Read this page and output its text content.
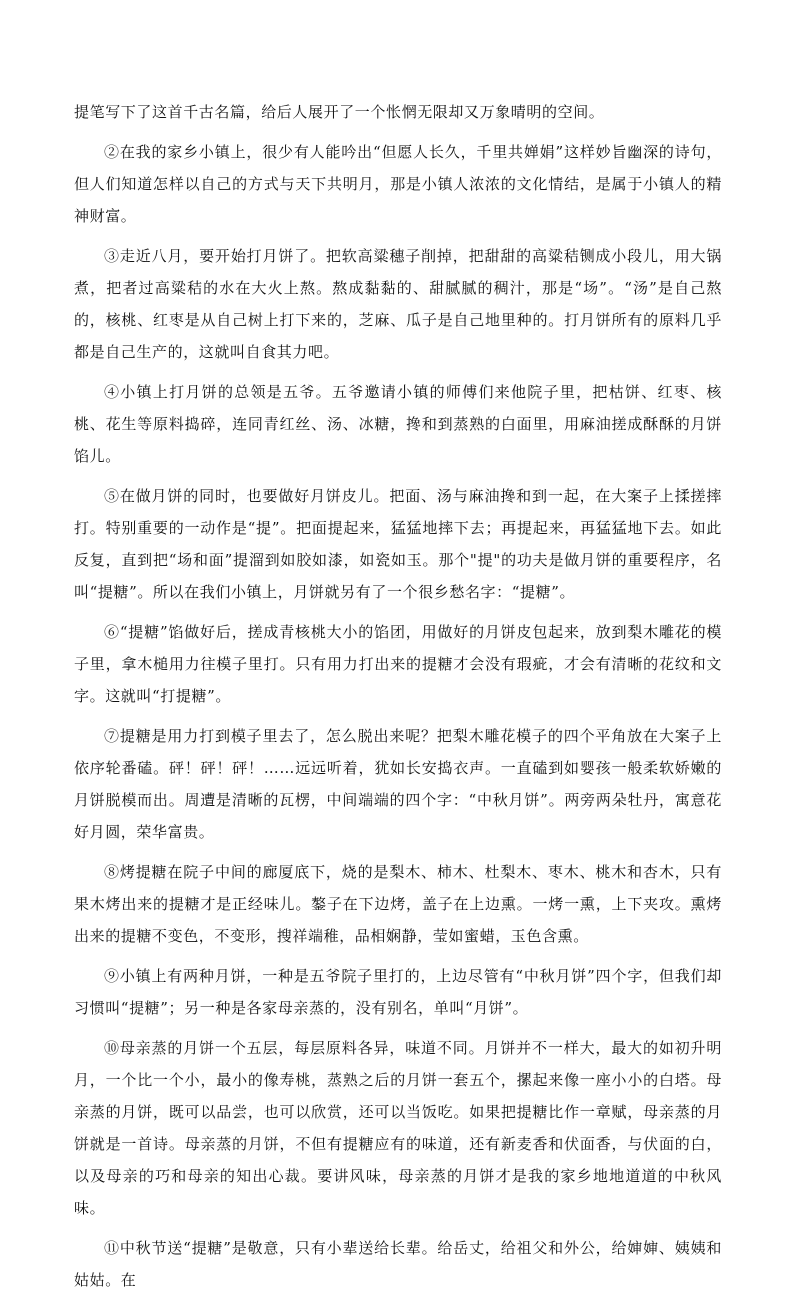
提笔写下了这首千古名篇，给后人展开了一个怅惘无限却又万象晴明的空间。

②在我的家乡小镇上，很少有人能吟出“但愿人长久，千里共婵娟”这样妙旨幽深的诗句，但人们知道怎样以自己的方式与天下共明月，那是小镇人浓浓的文化情结，是属于小镇人的精神财富。

③走近八月，要开始打月饼了。把软高粱穗子削掉，把甜甜的高粱秸铡成小段儿，用大锅煮，把者过高粱秸的水在大火上熬。熬成黏黏的、甜腻腻的稠汁，那是“场”。“汤”是自己熬的，核桃、红枣是从自己树上打下来的，芝麻、瓜子是自己地里种的。打月饼所有的原料几乎都是自己生产的，这就叫自食其力吧。

④小镇上打月饼的总领是五爷。五爷邀请小镇的师傅们来他院子里，把枯饼、红枣、核桃、花生等原料捣碎，连同青红丝、汤、冰糖，搀和到蒸熟的白面里，用麻油搓成酥酥的月饼馅儿。

⑤在做月饼的同时，也要做好月饼皮儿。把面、汤与麻油搀和到一起，在大案子上揉搓摔打。特别重要的一动作是“提”。把面提起来，猛猛地摔下去；再提起来，再猛猛地下去。如此反复，直到把“场和面”提溜到如胶如漆，如瓷如玉。那个"提"的功夫是做月饼的重要程序，名叫“提糖”。所以在我们小镇上，月饼就另有了一个很乡愁名字：“提糖”。

⑥“提糖”馅做好后，搓成青核桃大小的馅团，用做好的月饼皮包起来，放到梨木雕花的模子里，拿木槌用力往模子里打。只有用力打出来的提糖才会没有瑕疵，才会有清晰的花纹和文字。这就叫“打提糖”。

⑦提糖是用力打到模子里去了，怎么脱出来呢？把梨木雕花模子的四个平角放在大案子上依序轮番磕。砰！砰！砰！……远远听着，犹如长安捣衣声。一直磕到如婴孩一般柔软娇嫩的月饼脱模而出。周遭是清晰的瓦楞，中间端端的四个字：“中秋月饼”。两旁两朵牡丹，寓意花好月圆，荣华富贵。

⑧烤提糖在院子中间的廊厦底下，烧的是梨木、柿木、杜梨木、枣木、桃木和杏木，只有果木烤出来的提糖才是正经味儿。鏊子在下边烤，盖子在上边熏。一烤一熏，上下夹攻。熏烤出来的提糖不变色，不变形，搜祥端稚，品相娴静，莹如蜜蜡，玉色含熏。

⑨小镇上有两种月饼，一种是五爷院子里打的，上边尽管有“中秋月饼”四个字，但我们却习惯叫“提糖”；另一种是各家母亲蒸的，没有别名，单叫“月饼”。

⑩母亲蒸的月饼一个五层，每层原料各异，味道不同。月饼并不一样大，最大的如初升明月，一个比一个小，最小的像寿桃，蒸熟之后的月饼一套五个，摞起来像一座小小的白塔。母亲蒸的月饼，既可以品尝，也可以欣赏，还可以当饭吃。如果把提糖比作一章赋，母亲蒸的月饼就是一首诗。母亲蒸的月饼，不但有提糖应有的味道，还有新麦香和伏面香，与伏面的白，以及母亲的巧和母亲的知出心裁。要讲风味，母亲蒸的月饼才是我的家乡地地道道的中秋风味。

⑪中秋节送“提糖”是敬意，只有小辈送给长辈。给岳丈，给祖父和外公，给婶婶、姨姨和姑姑。在
